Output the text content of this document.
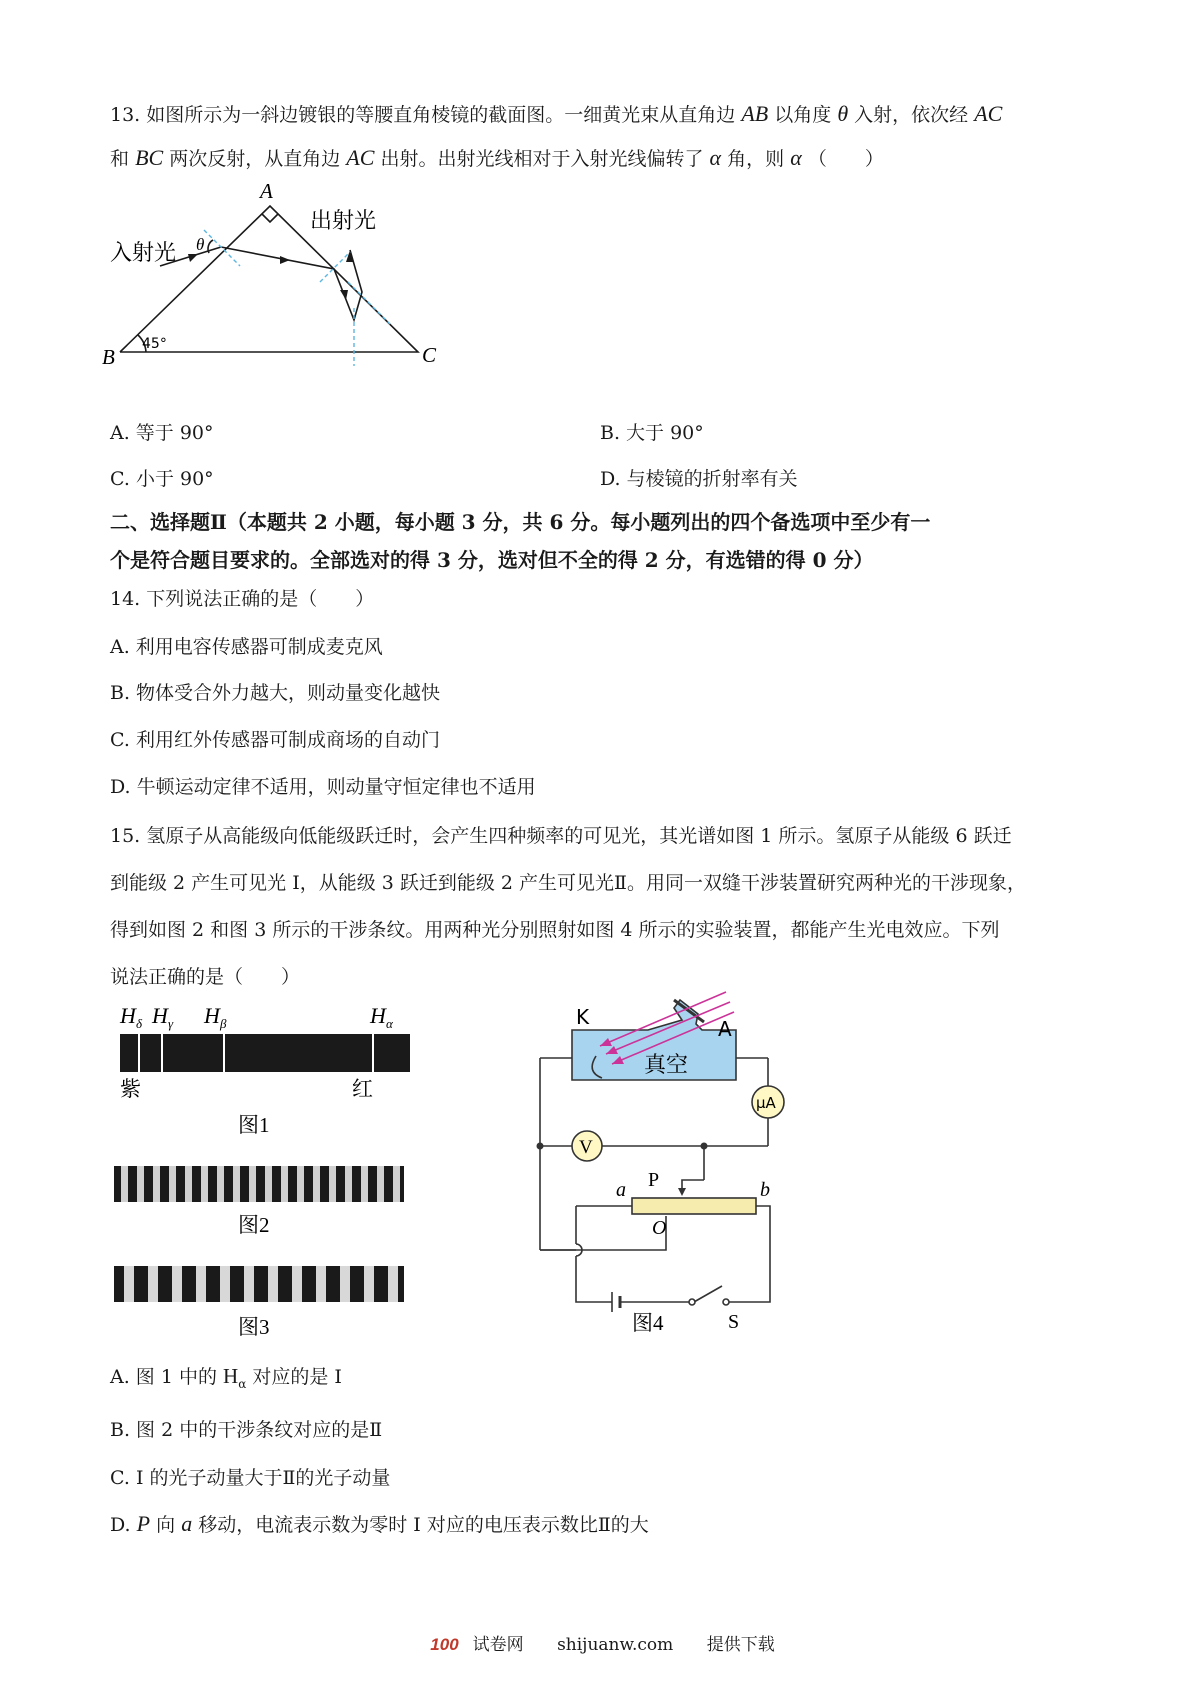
13. 如图所示为一斜边镀银的等腰直角棱镜的截面图。一细黄光束从直角边 AB 以角度 θ 入射，依次经 AC
和 BC 两次反射，从直角边 AC 出射。出射光线相对于入射光线偏转了 α 角，则 α （　　）
A
B	C
入射光
出射光
θ
45°
A. 等于 90°	B. 大于 90°
C. 小于 90°	D. 与棱镜的折射率有关
二、选择题Ⅱ（本题共 2 小题，每小题 3 分，共 6 分。每小题列出的四个备选项中至少有一
个是符合题目要求的。全部选对的得 3 分，选对但不全的得 2 分，有选错的得 0 分）
14. 下列说法正确的是（　　）
A. 利用电容传感器可制成麦克风
B. 物体受合外力越大，则动量变化越快
C. 利用红外传感器可制成商场的自动门
D. 牛顿运动定律不适用，则动量守恒定律也不适用
15. 氢原子从高能级向低能级跃迁时，会产生四种频率的可见光，其光谱如图 1 所示。氢原子从能级 6 跃迁
到能级 2 产生可见光 I，从能级 3 跃迁到能级 2 产生可见光Ⅱ。用同一双缝干涉装置研究两种光的干涉现象，
得到如图 2 和图 3 所示的干涉条纹。用两种光分别照射如图 4 所示的实验装置，都能产生光电效应。下列
说法正确的是（　　）
H δ H γ H β	H α
紫	红
图1
图2
图3
K	A
真空
μA
V
P
a	b
O
S
图4
A. 图 1 中的 $H_\alpha$ 对应的是 I
B. 图 2 中的干涉条纹对应的是Ⅱ
C. I 的光子动量大于Ⅱ的光子动量
D. P 向 a 移动，电流表示数为零时 I 对应的电压表示数比Ⅱ的大
100 试卷网 shijuanw.com 提供下载
